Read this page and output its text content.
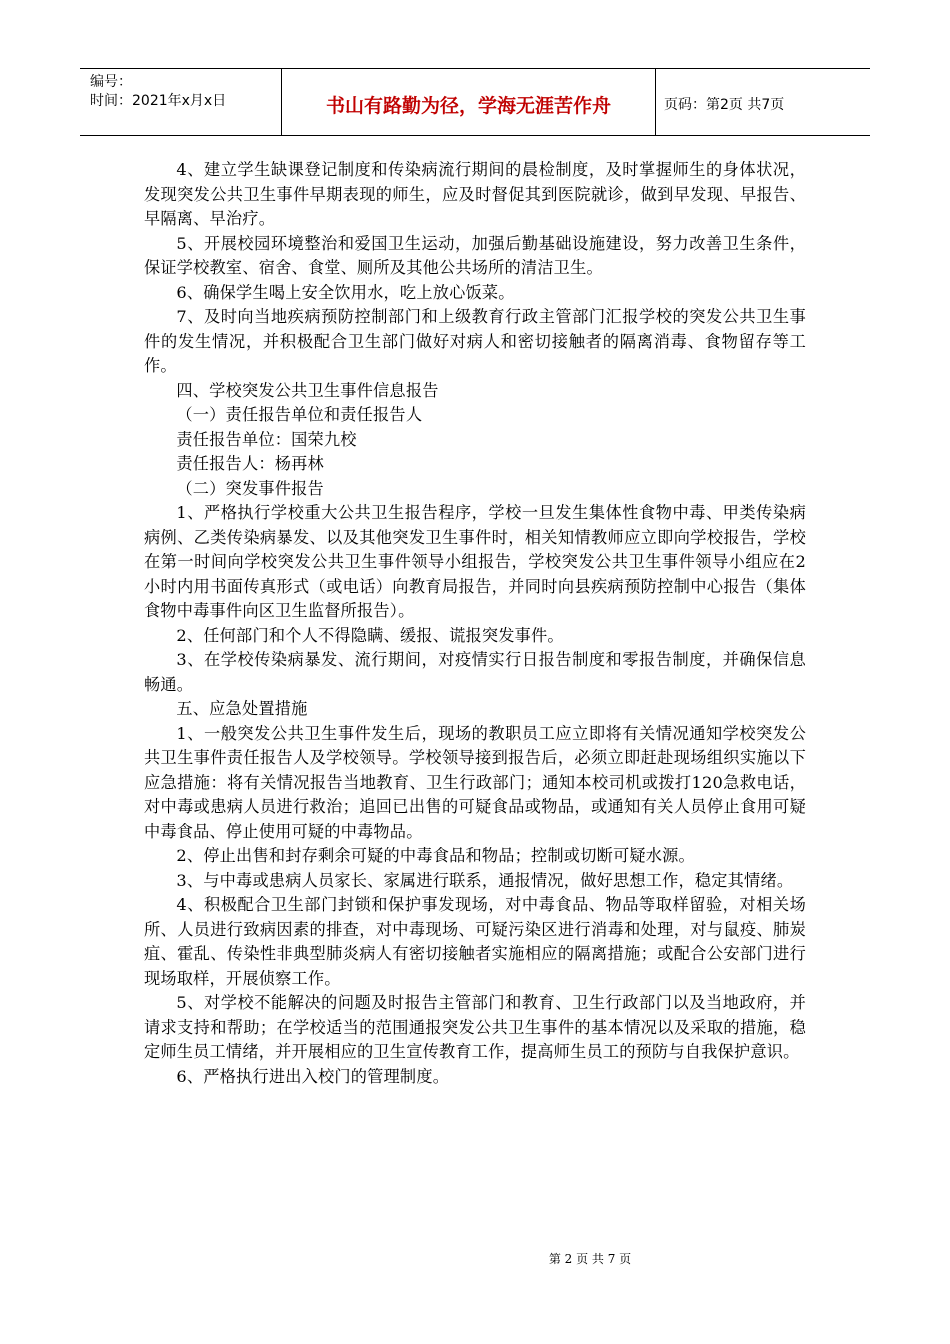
编号：
时间：2021年x月x日	书山有路勤为径，学海无涯苦作舟	页码：第2页 共7页

4、建立学生缺课登记制度和传染病流行期间的晨检制度，及时掌握师生的身体状况，发现突发公共卫生事件早期表现的师生，应及时督促其到医院就诊，做到早发现、早报告、早隔离、早治疗。

5、开展校园环境整治和爱国卫生运动，加强后勤基础设施建设，努力改善卫生条件，保证学校教室、宿舍、食堂、厕所及其他公共场所的清洁卫生。

6、确保学生喝上安全饮用水，吃上放心饭菜。

7、及时向当地疾病预防控制部门和上级教育行政主管部门汇报学校的突发公共卫生事件的发生情况，并积极配合卫生部门做好对病人和密切接触者的隔离消毒、食物留存等工作。

四、学校突发公共卫生事件信息报告

（一）责任报告单位和责任报告人

责任报告单位：国荣九校

责任报告人：杨再林

（二）突发事件报告

1、严格执行学校重大公共卫生报告程序，学校一旦发生集体性食物中毒、甲类传染病病例、乙类传染病暴发、以及其他突发卫生事件时，相关知情教师应立即向学校报告，学校在第一时间向学校突发公共卫生事件领导小组报告，学校突发公共卫生事件领导小组应在2小时内用书面传真形式（或电话）向教育局报告，并同时向县疾病预防控制中心报告（集体食物中毒事件向区卫生监督所报告）。

2、任何部门和个人不得隐瞒、缓报、谎报突发事件。

3、在学校传染病暴发、流行期间，对疫情实行日报告制度和零报告制度，并确保信息畅通。

五、应急处置措施

1、一般突发公共卫生事件发生后，现场的教职员工应立即将有关情况通知学校突发公共卫生事件责任报告人及学校领导。学校领导接到报告后，必须立即赶赴现场组织实施以下应急措施：将有关情况报告当地教育、卫生行政部门；通知本校司机或拨打120急救电话，对中毒或患病人员进行救治；追回已出售的可疑食品或物品，或通知有关人员停止食用可疑中毒食品、停止使用可疑的中毒物品。

2、停止出售和封存剩余可疑的中毒食品和物品；控制或切断可疑水源。

3、与中毒或患病人员家长、家属进行联系，通报情况，做好思想工作，稳定其情绪。

4、积极配合卫生部门封锁和保护事发现场，对中毒食品、物品等取样留验，对相关场所、人员进行致病因素的排查，对中毒现场、可疑污染区进行消毒和处理，对与鼠疫、肺炭疽、霍乱、传染性非典型肺炎病人有密切接触者实施相应的隔离措施；或配合公安部门进行现场取样，开展侦察工作。

5、对学校不能解决的问题及时报告主管部门和教育、卫生行政部门以及当地政府，并请求支持和帮助；在学校适当的范围通报突发公共卫生事件的基本情况以及采取的措施，稳定师生员工情绪，并开展相应的卫生宣传教育工作，提高师生员工的预防与自我保护意识。

6、严格执行进出入校门的管理制度。

第 2 页 共 7 页
